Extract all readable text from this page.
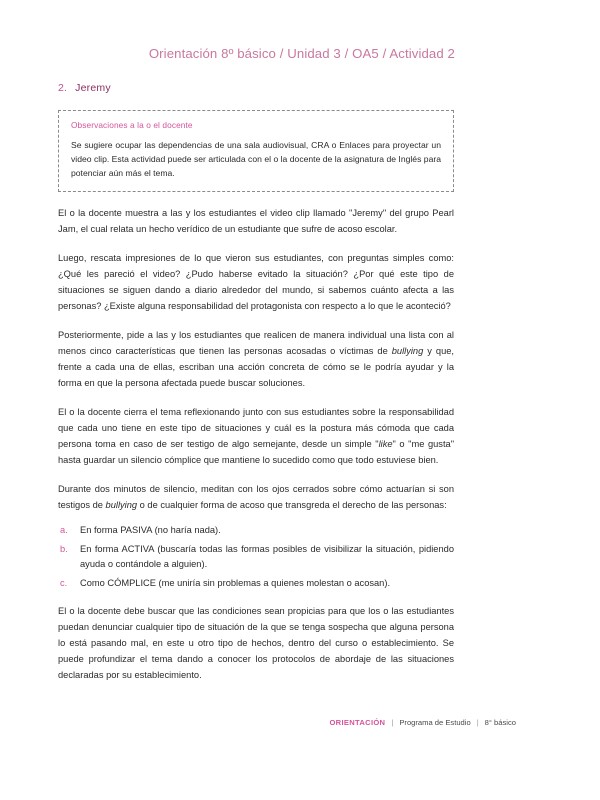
Orientación 8º básico / Unidad 3 / OA5 / Actividad 2
2. Jeremy
Observaciones a la o el docente
Se sugiere ocupar las dependencias de una sala audiovisual, CRA o Enlaces para proyectar un video clip. Esta actividad puede ser articulada con el o la docente de la asignatura de Inglés para potenciar aún más el tema.

El o la docente muestra a las y los estudiantes el video clip llamado "Jeremy" del grupo Pearl Jam, el cual relata un hecho verídico de un estudiante que sufre de acoso escolar.

Luego, rescata impresiones de lo que vieron sus estudiantes, con preguntas simples como: ¿Qué les pareció el video? ¿Pudo haberse evitado la situación? ¿Por qué este tipo de situaciones se siguen dando a diario alrededor del mundo, si sabemos cuánto afecta a las personas? ¿Existe alguna responsabilidad del protagonista con respecto a lo que le aconteció?

Posteriormente, pide a las y los estudiantes que realicen de manera individual una lista con al menos cinco características que tienen las personas acosadas o víctimas de bullying y que, frente a cada una de ellas, escriban una acción concreta de cómo se le podría ayudar y la forma en que la persona afectada puede buscar soluciones.

El o la docente cierra el tema reflexionando junto con sus estudiantes sobre la responsabilidad que cada uno tiene en este tipo de situaciones y cuál es la postura más cómoda que cada persona toma en caso de ser testigo de algo semejante, desde un simple "like" o "me gusta" hasta guardar un silencio cómplice que mantiene lo sucedido como que todo estuviese bien.

Durante dos minutos de silencio, meditan con los ojos cerrados sobre cómo actuarían si son testigos de bullying o de cualquier forma de acoso que transgreda el derecho de las personas:

a. En forma PASIVA (no haría nada).
b. En forma ACTIVA (buscaría todas las formas posibles de visibilizar la situación, pidiendo ayuda o contándole a alguien).
c. Como CÓMPLICE (me uniría sin problemas a quienes molestan o acosan).

El o la docente debe buscar que las condiciones sean propicias para que los o las estudiantes puedan denunciar cualquier tipo de situación de la que se tenga sospecha que alguna persona lo está pasando mal, en este u otro tipo de hechos, dentro del curso o establecimiento. Se puede profundizar el tema dando a conocer los protocolos de abordaje de las situaciones declaradas por su establecimiento.

ORIENTACIÓN | Programa de Estudio | 8° básico
